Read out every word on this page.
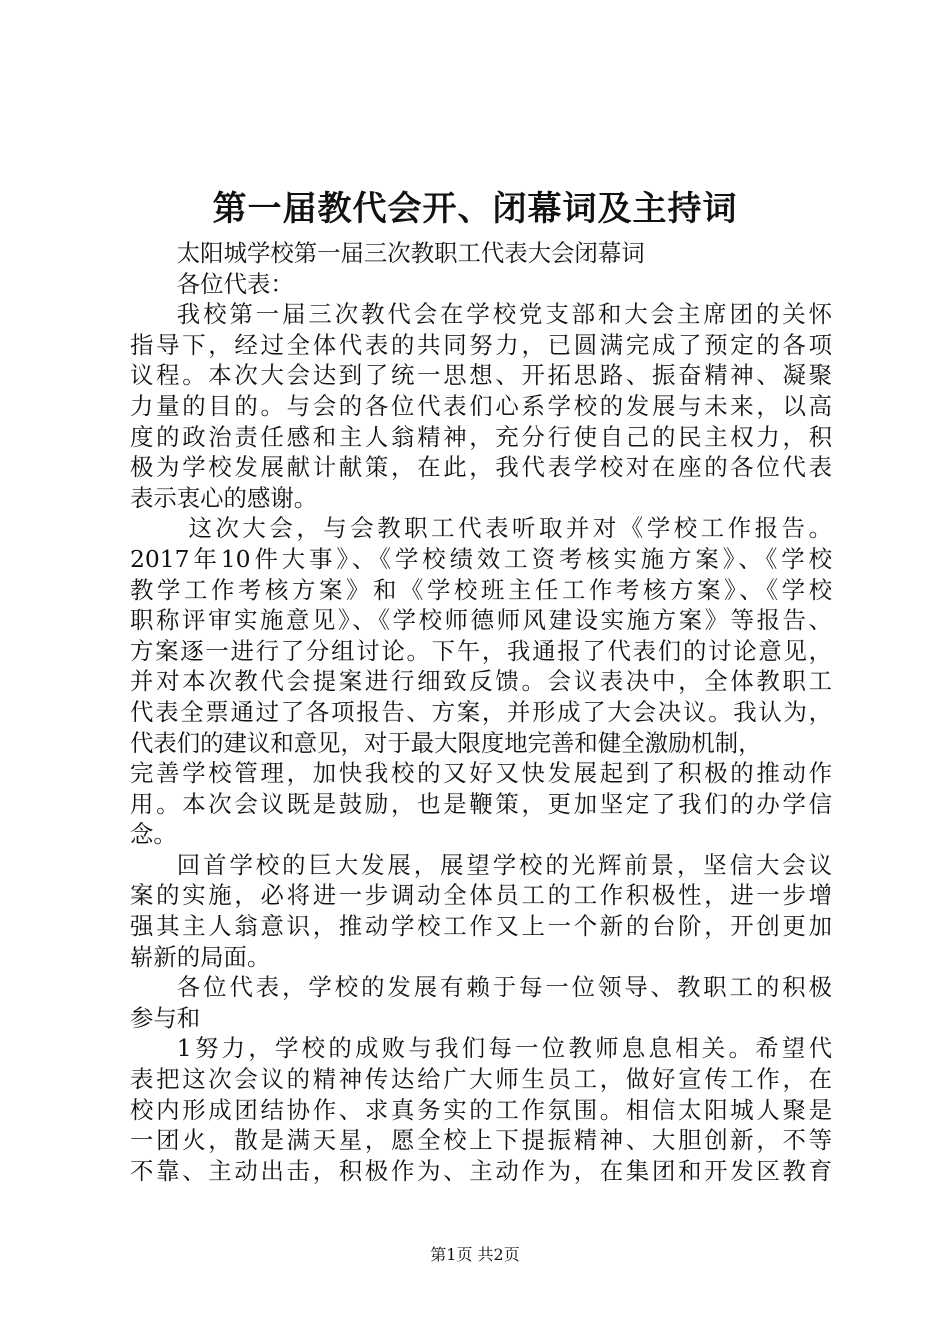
第一届教代会开、闭幕词及主持词
太阳城学校第一届三次教职工代表大会闭幕词
各位代表：
我校第一届三次教代会在学校党支部和大会主席团的关怀
指导下，经过全体代表的共同努力，已圆满完成了预定的各项
议程。本次大会达到了统一思想、开拓思路、振奋精神、凝聚
力量的目的。与会的各位代表们心系学校的发展与未来，以高
度的政治责任感和主人翁精神，充分行使自己的民主权力，积
极为学校发展献计献策，在此，我代表学校对在座的各位代表
表示衷心的感谢。
这次大会，与会教职工代表听取并对《学校工作报告。
2017年10件大事》、《学校绩效工资考核实施方案》、《学校
教学工作考核方案》和《学校班主任工作考核方案》、《学校
职称评审实施意见》、《学校师德师风建设实施方案》等报告、
方案逐一进行了分组讨论。下午，我通报了代表们的讨论意见，
并对本次教代会提案进行细致反馈。会议表决中，全体教职工
代表全票通过了各项报告、方案，并形成了大会决议。我认为，
代表们的建议和意见，对于最大限度地完善和健全激励机制，
完善学校管理，加快我校的又好又快发展起到了积极的推动作
用。本次会议既是鼓励，也是鞭策，更加坚定了我们的办学信
念。
回首学校的巨大发展，展望学校的光辉前景，坚信大会议
案的实施，必将进一步调动全体员工的工作积极性，进一步增
强其主人翁意识，推动学校工作又上一个新的台阶，开创更加
崭新的局面。
各位代表，学校的发展有赖于每一位领导、教职工的积极
参与和
1努力，学校的成败与我们每一位教师息息相关。希望代
表把这次会议的精神传达给广大师生员工，做好宣传工作，在
校内形成团结协作、求真务实的工作氛围。相信太阳城人聚是
一团火，散是满天星，愿全校上下提振精神、大胆创新，不等
不靠、主动出击，积极作为、主动作为，在集团和开发区教育
第1页 共2页
